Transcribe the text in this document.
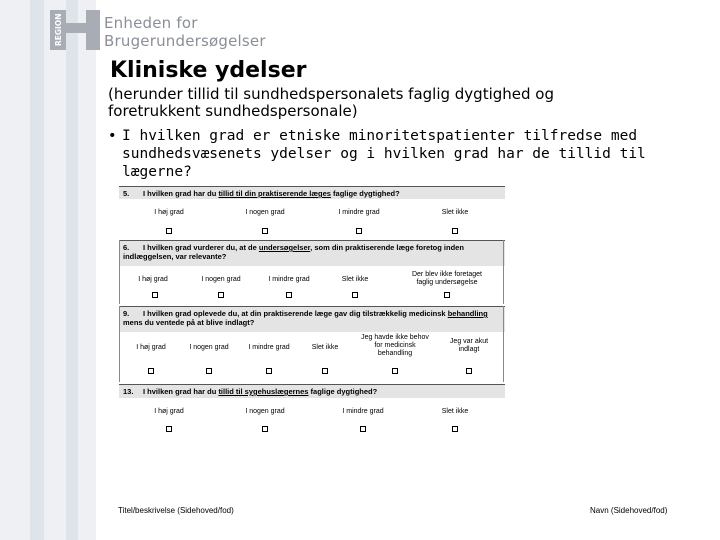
REGION	Enheden for
Brugerundersøgelser
Kliniske ydelser

(herunder tillid til sundhedspersonalets faglig dygtighed og foretrukkent sundhedspersonale)

• I hvilken grad er etniske minoritetspatienter tilfredse med sundhedsvæsenets ydelser og i hvilken grad har de tillid til lægerne?
5. I hvilken grad har du tillid til din praktiserende læges faglige dygtighed?
I høj grad	I nogen grad	I mindre grad	Slet ikke
6. I hvilken grad vurderer du, at de undersøgelser, som din praktiserende læge foretog inden indlæggelsen, var relevante?
I høj grad	I nogen grad	I mindre grad	Slet ikke
Der blev ikke foretaget faglig undersøgelse
9. I hvilken grad oplevede du, at din praktiserende læge gav dig tilstrækkelig medicinsk behandling mens du ventede på at blive indlagt?
I høj grad	I nogen grad	I mindre grad	Slet ikke
Jeg havde ikke behov for medicinsk behandling
Jeg var akut indlagt
13. I hvilken grad har du tillid til sygehuslægernes faglige dygtighed?
I høj grad	I nogen grad	I mindre grad	Slet ikke
Titel/beskrivelse (Sidehoved/fod)	Navn (Sidehoved/fod)
